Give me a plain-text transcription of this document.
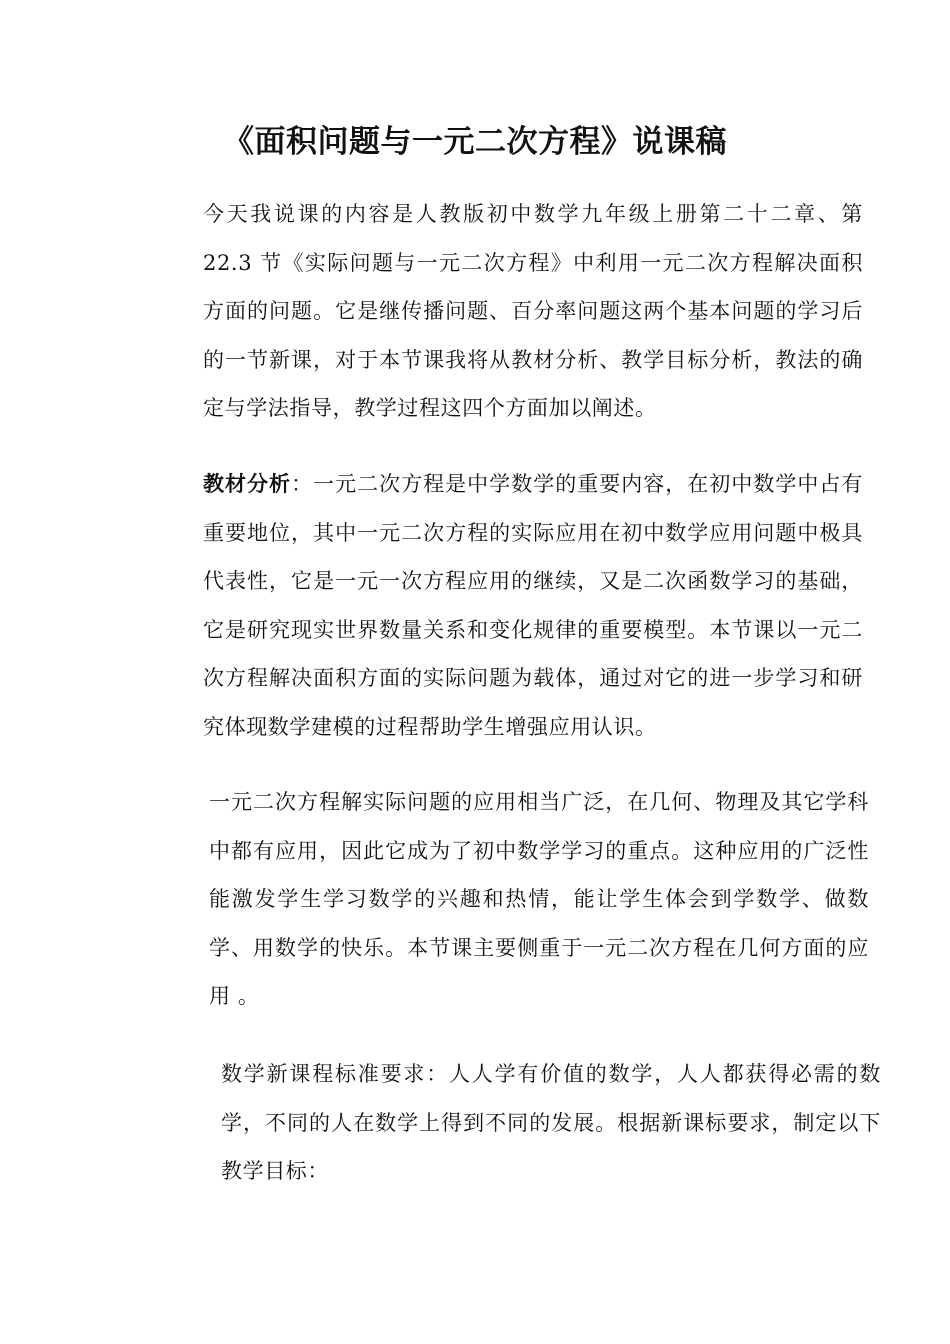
《面积问题与一元二次方程》说课稿
今天我说课的内容是人教版初中数学九年级上册第二十二章、第 22.3 节《实际问题与一元二次方程》中利用一元二次方程解决面积方面的问题。它是继传播问题、百分率问题这两个基本问题的学习后的一节新课，对于本节课我将从教材分析、教学目标分析，教法的确定与学法指导，教学过程这四个方面加以阐述。
教材分析：一元二次方程是中学数学的重要内容，在初中数学中占有重要地位，其中一元二次方程的实际应用在初中数学应用问题中极具代表性，它是一元一次方程应用的继续，又是二次函数学习的基础，它是研究现实世界数量关系和变化规律的重要模型。本节课以一元二次方程解决面积方面的实际问题为载体，通过对它的进一步学习和研究体现数学建模的过程帮助学生增强应用认识。
一元二次方程解实际问题的应用相当广泛，在几何、物理及其它学科中都有应用，因此它成为了初中数学学习的重点。这种应用的广泛性能激发学生学习数学的兴趣和热情，能让学生体会到学数学、做数学、用数学的快乐。本节课主要侧重于一元二次方程在几何方面的应用 。
数学新课程标准要求：人人学有价值的数学，人人都获得必需的数学，不同的人在数学上得到不同的发展。根据新课标要求，制定以下教学目标：
